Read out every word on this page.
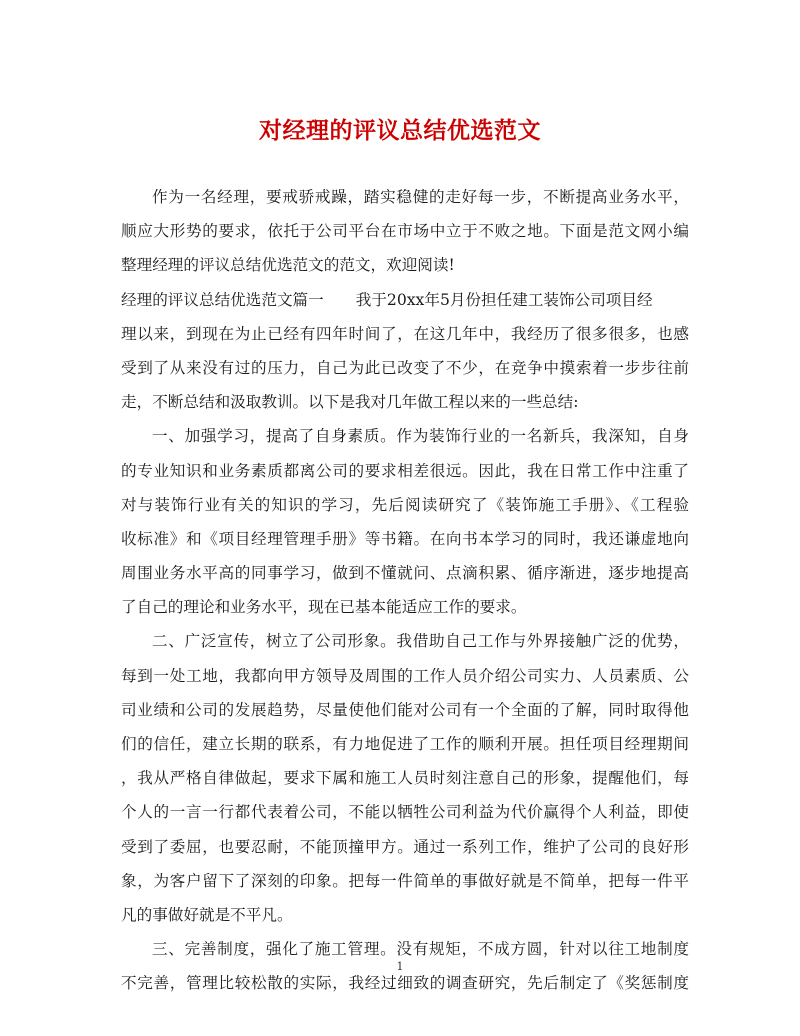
对经理的评议总结优选范文
作为一名经理，要戒骄戒躁，踏实稳健的走好每一步，不断提高业务水平，
顺应大形势的要求，依托于公司平台在市场中立于不败之地。下面是范文网小编
整理经理的评议总结优选范文的范文，欢迎阅读!
经理的评议总结优选范文篇一 我于20xx年5月份担任建工装饰公司项目经
理以来，到现在为止已经有四年时间了，在这几年中，我经历了很多很多，也感
受到了从来没有过的压力，自己为此已改变了不少，在竞争中摸索着一步步往前
走，不断总结和汲取教训。以下是我对几年做工程以来的一些总结:
一、加强学习，提高了自身素质。作为装饰行业的一名新兵，我深知，自身
的专业知识和业务素质都离公司的要求相差很远。因此，我在日常工作中注重了
对与装饰行业有关的知识的学习，先后阅读研究了《装饰施工手册》、《工程验
收标准》和《项目经理管理手册》等书籍。在向书本学习的同时，我还谦虚地向
周围业务水平高的同事学习，做到不懂就问、点滴积累、循序渐进，逐步地提高
了自己的理论和业务水平，现在已基本能适应工作的要求。
二、广泛宣传，树立了公司形象。我借助自己工作与外界接触广泛的优势，
每到一处工地，我都向甲方领导及周围的工作人员介绍公司实力、人员素质、公
司业绩和公司的发展趋势，尽量使他们能对公司有一个全面的了解，同时取得他
们的信任，建立长期的联系，有力地促进了工作的顺利开展。担任项目经理期间
，我从严格自律做起，要求下属和施工人员时刻注意自己的形象，提醒他们，每
个人的一言一行都代表着公司，不能以牺牲公司利益为代价赢得个人利益，即使
受到了委屈，也要忍耐，不能顶撞甲方。通过一系列工作，维护了公司的良好形
象，为客户留下了深刻的印象。把每一件简单的事做好就是不简单，把每一件平
凡的事做好就是不平凡。
三、完善制度，强化了施工管理。没有规矩，不成方圆，针对以往工地制度
不完善，管理比较松散的实际，我经过细致的调查研究，先后制定了《奖惩制度
1
